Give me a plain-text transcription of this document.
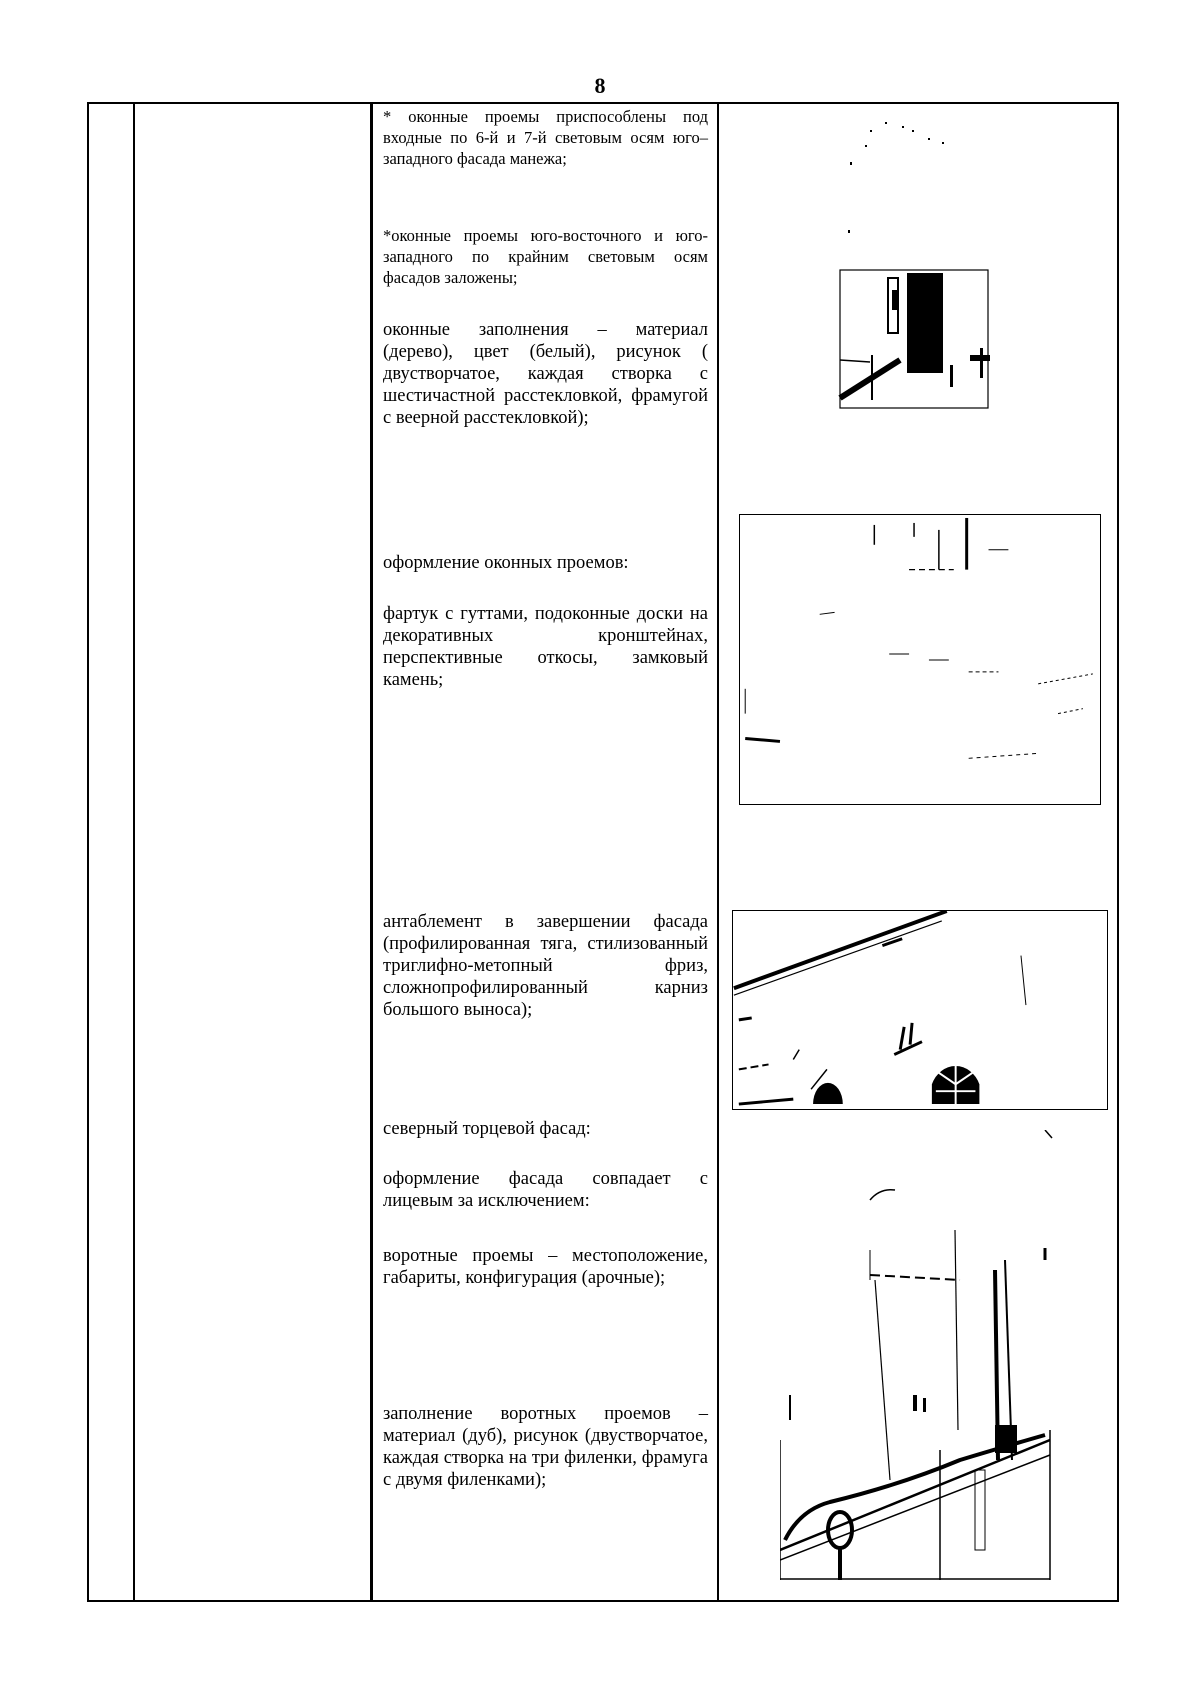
8

* оконные проемы приспособлены под входные по 6-й и 7-й световым осям юго–западного фасада манежа;

*оконные проемы юго-восточного и юго-западного по крайним световым осям фасадов заложены;

оконные заполнения – материал (дерево), цвет (белый), рисунок ( двустворчатое, каждая створка с шестичастной расстекловкой, фрамугой с веерной расстекловкой);

оформление оконных проемов:

фартук с гуттами, подоконные доски на декоративных кронштейнах, перспективные откосы, замковый камень;

антаблемент в завершении фасада (профилированная тяга, стилизованный триглифно-метопный фриз, сложнопрофилированный карниз большого выноса);

северный торцевой фасад:

оформление фасада совпадает с лицевым за исключением:

воротные проемы – местоположение, габариты, конфигурация (арочные);

заполнение воротных проемов – материал (дуб), рисунок (двустворчатое, каждая створка на три филенки, фрамуга с двумя филенками);
